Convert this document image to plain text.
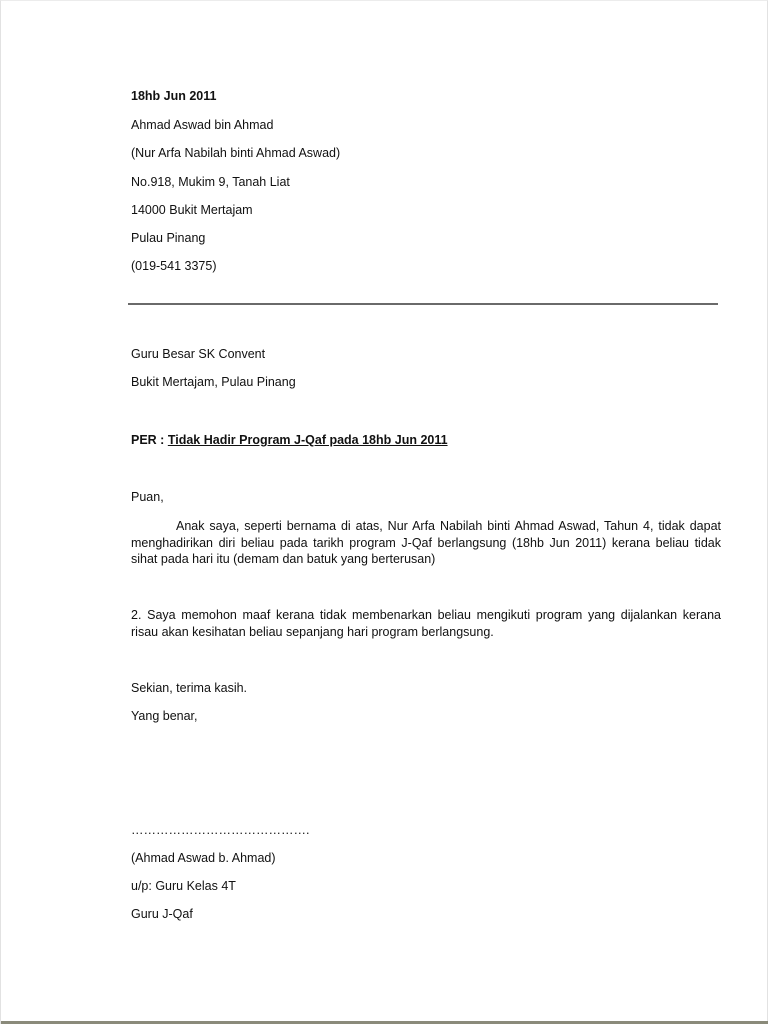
18hb Jun 2011
Ahmad Aswad bin Ahmad
(Nur Arfa Nabilah binti Ahmad Aswad)
No.918, Mukim 9, Tanah Liat
14000 Bukit Mertajam
Pulau Pinang
(019-541 3375)
Guru Besar SK Convent
Bukit Mertajam, Pulau Pinang
PER : Tidak Hadir Program J-Qaf pada 18hb Jun 2011
Puan,
Anak saya, seperti bernama di atas, Nur Arfa Nabilah binti Ahmad Aswad, Tahun 4, tidak dapat menghadirikan diri beliau pada tarikh program J-Qaf berlangsung (18hb Jun 2011) kerana beliau tidak sihat pada hari itu (demam dan batuk yang berterusan)
2. Saya memohon maaf kerana tidak membenarkan beliau mengikuti program yang dijalankan kerana risau akan kesihatan beliau sepanjang hari program berlangsung.
Sekian, terima kasih.
Yang benar,
…………………………………….
(Ahmad Aswad b. Ahmad)
u/p: Guru Kelas 4T
Guru J-Qaf
